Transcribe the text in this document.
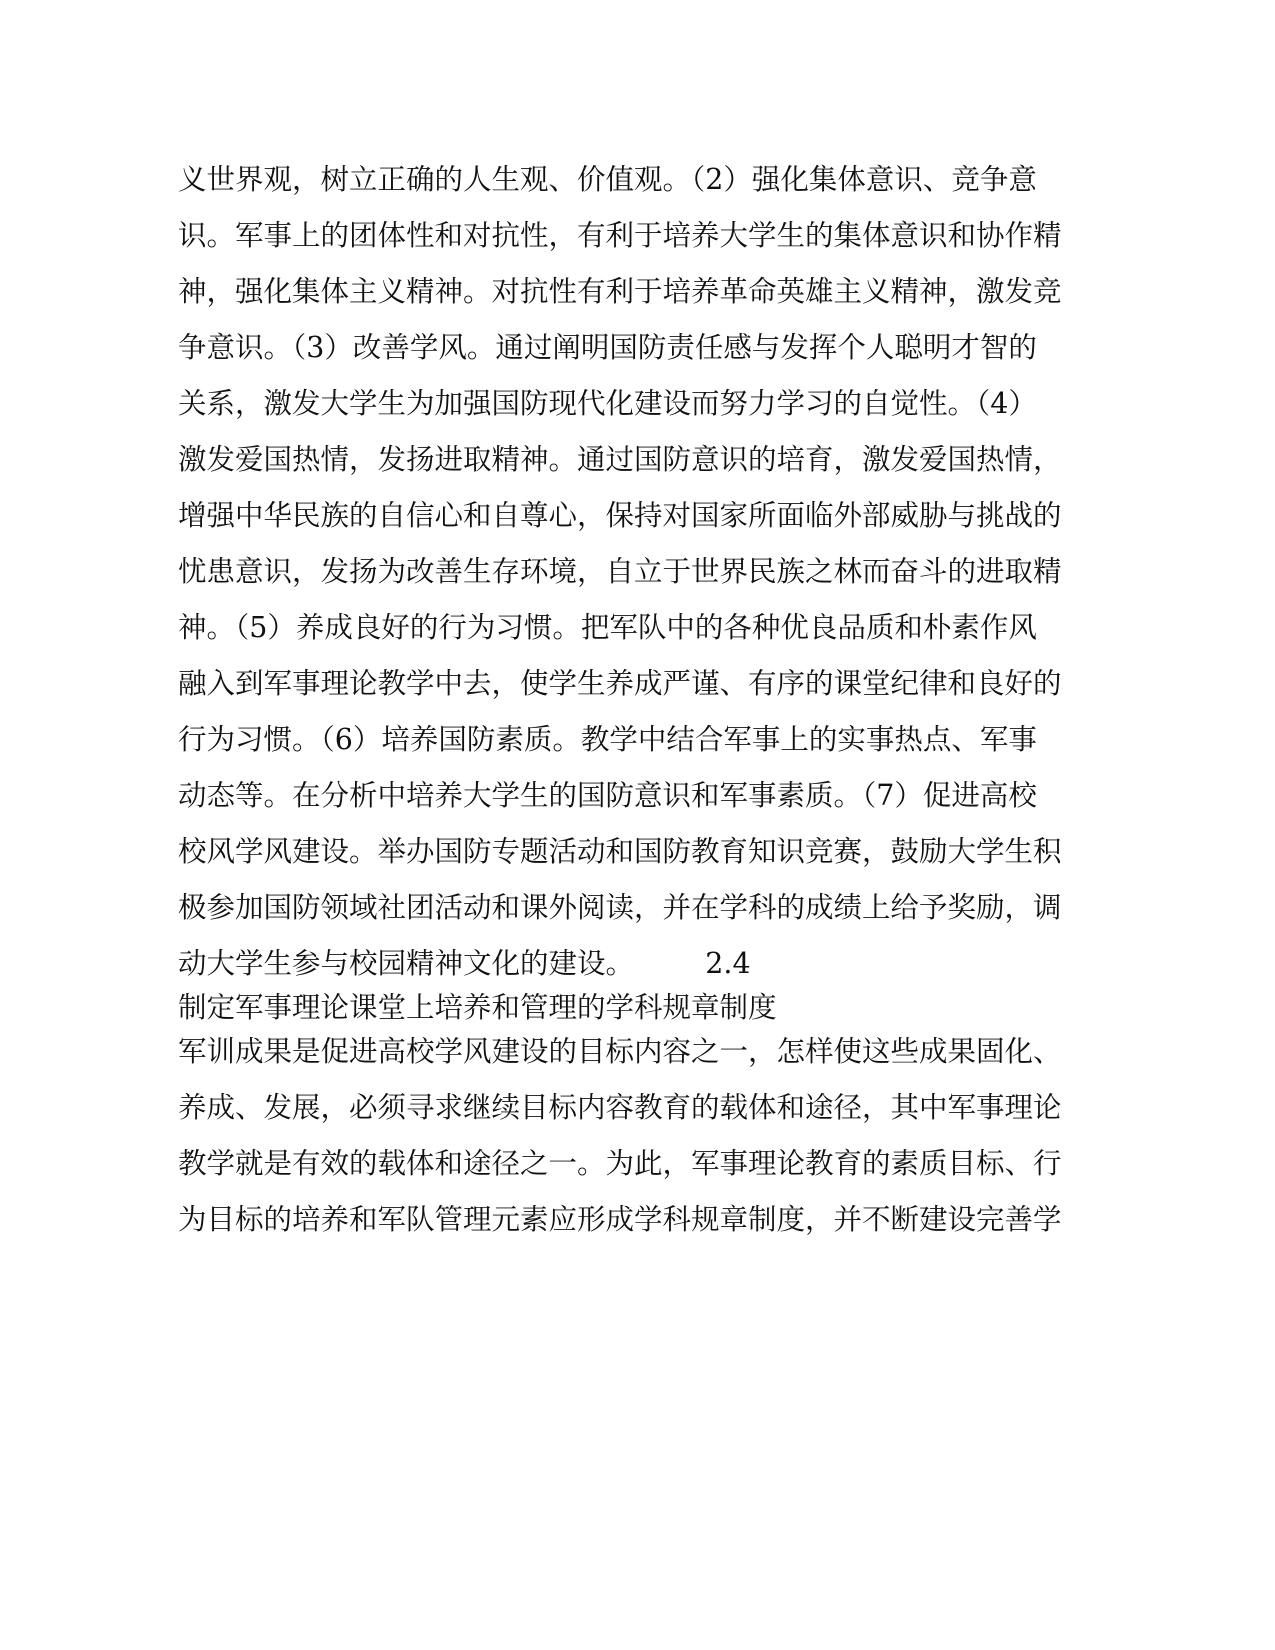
义世界观，树立正确的人生观、价值观。（2）强化集体意识、竞争意
识。军事上的团体性和对抗性，有利于培养大学生的集体意识和协作精
神，强化集体主义精神。对抗性有利于培养革命英雄主义精神，激发竞
争意识。（3）改善学风。通过阐明国防责任感与发挥个人聪明才智的
关系，激发大学生为加强国防现代化建设而努力学习的自觉性。（4）
激发爱国热情，发扬进取精神。通过国防意识的培育，激发爱国热情，
增强中华民族的自信心和自尊心，保持对国家所面临外部威胁与挑战的
忧患意识，发扬为改善生存环境，自立于世界民族之林而奋斗的进取精
神。（5）养成良好的行为习惯。把军队中的各种优良品质和朴素作风
融入到军事理论教学中去，使学生养成严谨、有序的课堂纪律和良好的
行为习惯。（6）培养国防素质。教学中结合军事上的实事热点、军事
动态等。在分析中培养大学生的国防意识和军事素质。（7）促进高校
校风学风建设。举办国防专题活动和国防教育知识竞赛，鼓励大学生积
极参加国防领域社团活动和课外阅读，并在学科的成绩上给予奖励，调
动大学生参与校园精神文化的建设。　　　2.4
制定军事理论课堂上培养和管理的学科规章制度
军训成果是促进高校学风建设的目标内容之一，怎样使这些成果固化、
养成、发展，必须寻求继续目标内容教育的载体和途径，其中军事理论
教学就是有效的载体和途径之一。为此，军事理论教育的素质目标、行
为目标的培养和军队管理元素应形成学科规章制度，并不断建设完善学
